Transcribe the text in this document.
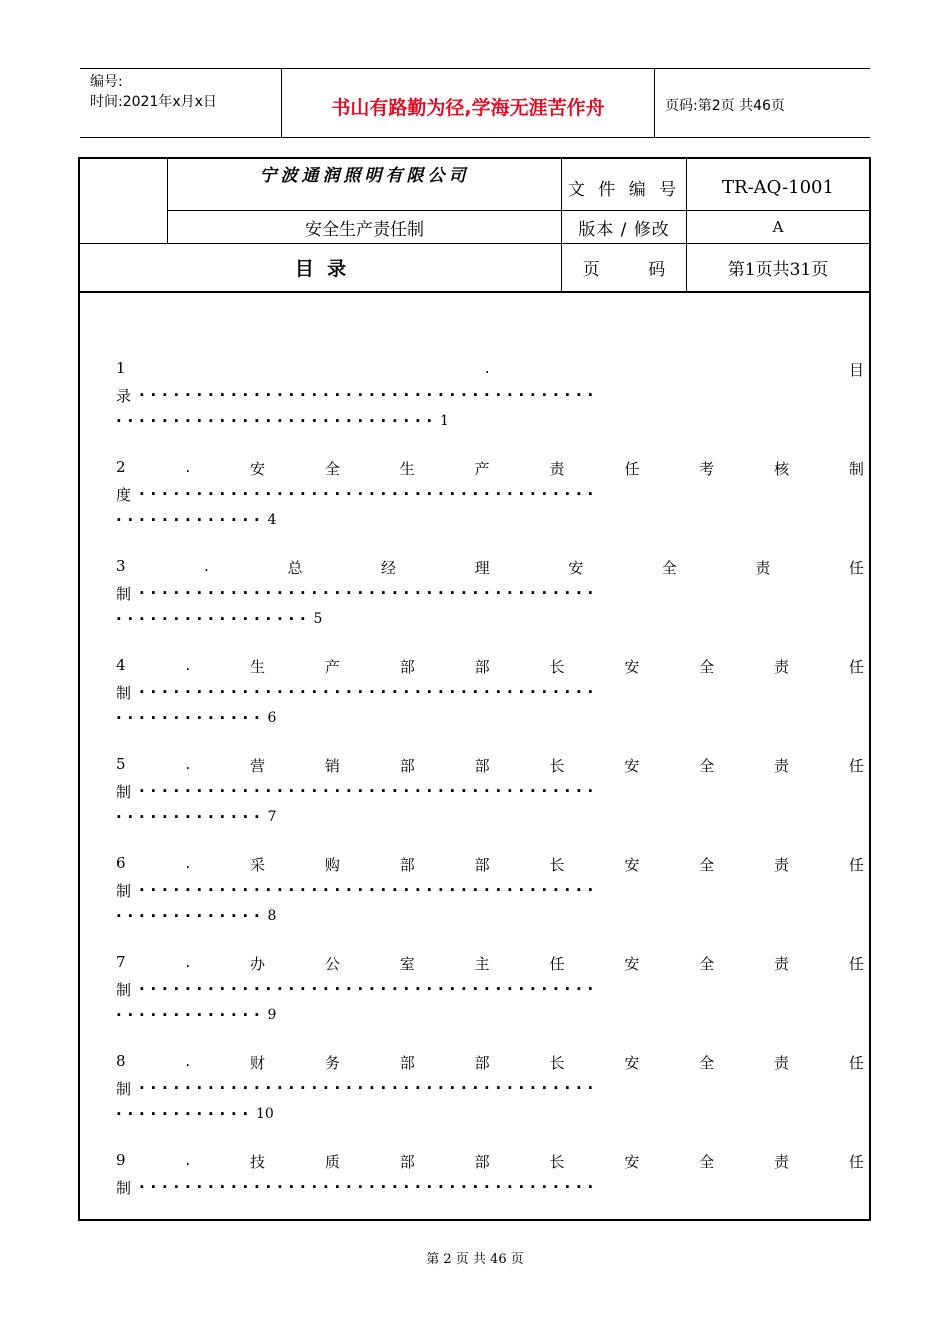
编号:
时间:2021年x月x日	书山有路勤为径,学海无涯苦作舟	页码:第2页 共46页
宁波通润照明有限公司
文 件 编 号 TR-AQ-1001
安全生产责任制	版本 / 修改	A
目  录	页         码	第1页共31页
1	.	目
录 ········································
···························· 1
2	.	安	全	生	产	责	任	考	核	制
度 ········································
············· 4
3	.	总	经	理	安	全	责	任
制 ········································
················· 5
4	.	生	产	部	部	长	安	全	责	任
制 ········································
············· 6
5	.	营	销	部	部	长	安	全	责	任
制 ········································
············· 7
6	.	采	购	部	部	长	安	全	责	任
制 ········································
············· 8
7	.	办	公	室	主	任	安	全	责	任
制 ········································
············· 9
8	.	财	务	部	部	长	安	全	责	任
制 ········································
············ 10
9	.	技	质	部	部	长	安	全	责	任
制 ········································
第 2 页 共 46 页
